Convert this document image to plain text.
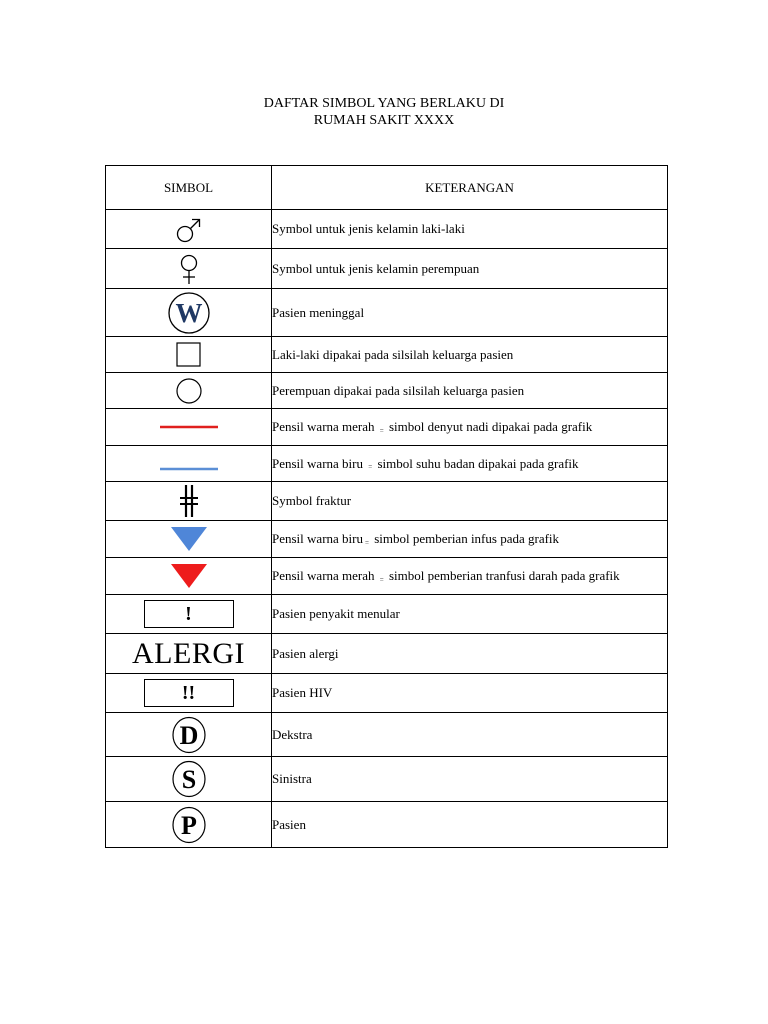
DAFTAR SIMBOL YANG BERLAKU DI
RUMAH SAKIT XXXX
SIMBOL	KETERANGAN

	Symbol untuk jenis kelamin laki-laki

	Symbol untuk jenis kelamin perempuan

W	Pasien meninggal

	Laki-laki dipakai pada silsilah keluarga pasien

	Perempuan dipakai pada silsilah keluarga pasien

	Pensil warna merah = simbol denyut nadi dipakai pada grafik

	Pensil warna biru = simbol suhu badan dipakai pada grafik

	Symbol fraktur

	Pensil warna biru = simbol pemberian infus pada grafik

	Pensil warna merah = simbol pemberian tranfusi darah pada grafik
!	Pasien penyakit menular
ALERGI	Pasien alergi
!!	Pasien HIV

D	Dekstra

S	Sinistra

P	Pasien
